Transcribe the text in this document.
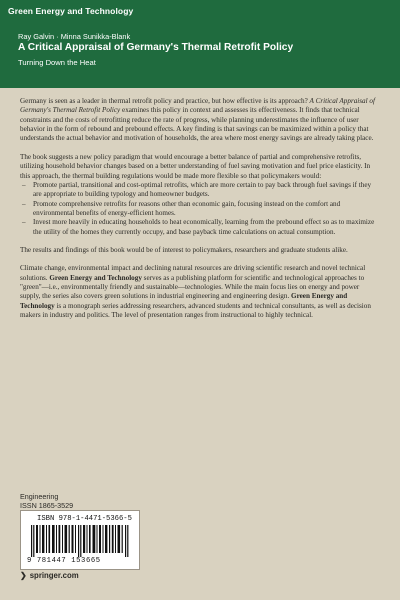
Green Energy and Technology
Ray Galvin · Minna Sunikka-Blank
A Critical Appraisal of Germany's Thermal Retrofit Policy
Turning Down the Heat

Germany is seen as a leader in thermal retrofit policy and practice, but how effective is its approach? A Critical Appraisal of Germany's Thermal Retrofit Policy examines this policy in context and assesses its effectiveness. It finds that technical constraints and the costs of retrofitting reduce the rate of progress, while planning underestimates the influence of user behavior in the form of rebound and prebound effects. A key finding is that savings can be maximized within a policy that understands the actual behavior and motivation of households, the area where most energy savings are already taking place.

The book suggests a new policy paradigm that would encourage a better balance of partial and comprehensive retrofits, utilizing household behavior changes based on a better understanding of fuel saving motivation and fuel price elasticity. In this approach, the thermal building regulations would be made more flexible so that policymakers would:

– Promote partial, transitional and cost-optimal retrofits, which are more certain to pay back through fuel savings if they are appropriate to building typology and homeowner budgets.
– Promote comprehensive retrofits for reasons other than economic gain, focusing instead on the comfort and environmental benefits of energy-efficient homes.
– Invest more heavily in educating households to heat economically, learning from the prebound effect so as to maximize the utility of the homes they currently occupy, and base payback time calculations on actual consumption.

The results and findings of this book would be of interest to policymakers, researchers and graduate students alike.

Climate change, environmental impact and declining natural resources are driving scientific research and novel technical solutions. Green Energy and Technology serves as a publishing platform for scientific and technological approaches to "green"—i.e., environmentally friendly and sustainable—technologies. While the main focus lies on energy and power supply, the series also covers green solutions in industrial engineering and engineering design. Green Energy and Technology is a monograph series addressing researchers, advanced students and technical consultants, as well as decision makers in industry and politics. The level of presentation ranges from instructional to highly technical.

Engineering
ISSN 1865-3529
ISBN 978-1-4471-5366-5
9 781447 153665
❯ springer.com
